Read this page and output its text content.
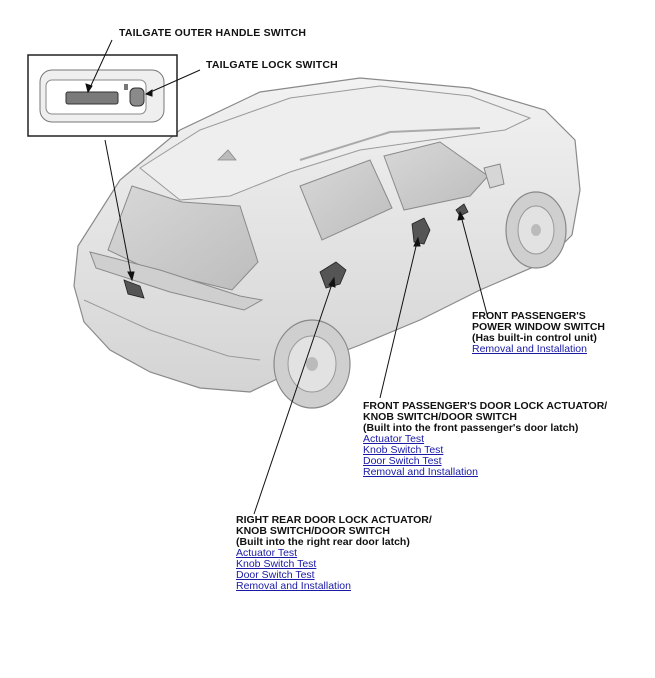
TAILGATE OUTER HANDLE SWITCH
TAILGATE LOCK SWITCH
FRONT PASSENGER'S
POWER WINDOW SWITCH
(Has built-in control unit)
Removal and Installation
FRONT PASSENGER'S DOOR LOCK ACTUATOR/
KNOB SWITCH/DOOR SWITCH
(Built into the front passenger's door latch)
Actuator Test
Knob Switch Test
Door Switch Test
Removal and Installation
RIGHT REAR DOOR LOCK ACTUATOR/
KNOB SWITCH/DOOR SWITCH
(Built into the right rear door latch)
Actuator Test
Knob Switch Test
Door Switch Test
Removal and Installation
